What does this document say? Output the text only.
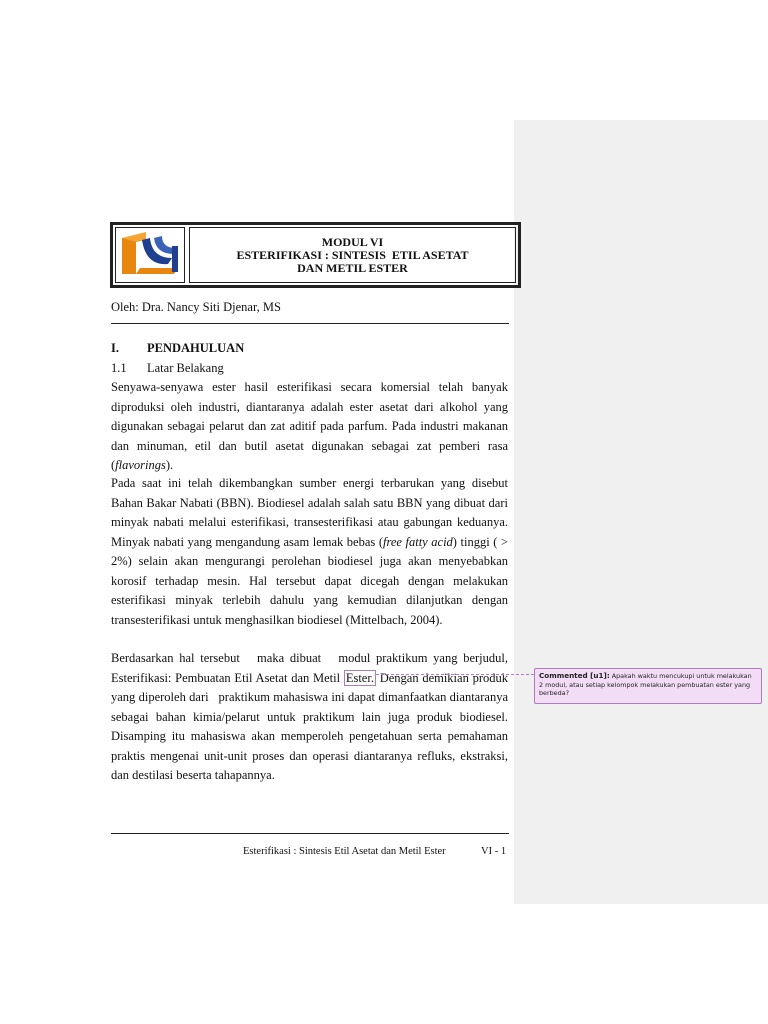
MODUL VI
ESTERIFIKASI : SINTESIS  ETIL ASETAT
DAN METIL ESTER
Oleh: Dra. Nancy Siti Djenar, MS
I. PENDAHULUAN
1.1 Latar Belakang

Senyawa-senyawa ester hasil esterifikasi secara komersial telah banyak diproduksi oleh industri, diantaranya adalah ester asetat dari alkohol yang digunakan sebagai pelarut dan zat aditif pada parfum. Pada industri makanan dan minuman, etil dan butil asetat digunakan sebagai zat pemberi rasa (flavorings).

Pada saat ini telah dikembangkan sumber energi terbarukan yang disebut Bahan Bakar Nabati (BBN). Biodiesel adalah salah satu BBN yang dibuat dari minyak nabati melalui esterifikasi, transesterifikasi atau gabungan keduanya. Minyak nabati yang mengandung asam lemak bebas (free fatty acid) tinggi ( > 2%) selain akan mengurangi perolehan biodiesel juga akan menyebabkan korosif terhadap mesin. Hal tersebut dapat dicegah dengan melakukan esterifikasi minyak terlebih dahulu yang kemudian dilanjutkan dengan transesterifikasi untuk menghasilkan biodiesel (Mittelbach, 2004).

Berdasarkan hal tersebut   maka dibuat   modul praktikum yang berjudul, Esterifikasi: Pembuatan Etil Asetat dan Metil Ester. Dengan demikian produk yang diperoleh dari   praktikum mahasiswa ini dapat dimanfaatkan diantaranya sebagai bahan kimia/pelarut untuk praktikum lain juga produk biodiesel. Disamping itu mahasiswa akan memperoleh pengetahuan serta pemahaman praktis mengenai unit-unit proses dan operasi diantaranya refluks, ekstraksi, dan destilasi beserta tahapannya.

Commented [u1]: Apakah waktu mencukupi untuk melakukan 2 modul, atau setiap kelompok melakukan pembuatan ester yang berbeda?
Esterifikasi : Sintesis Etil Asetat dan Metil Ester	VI - 1
